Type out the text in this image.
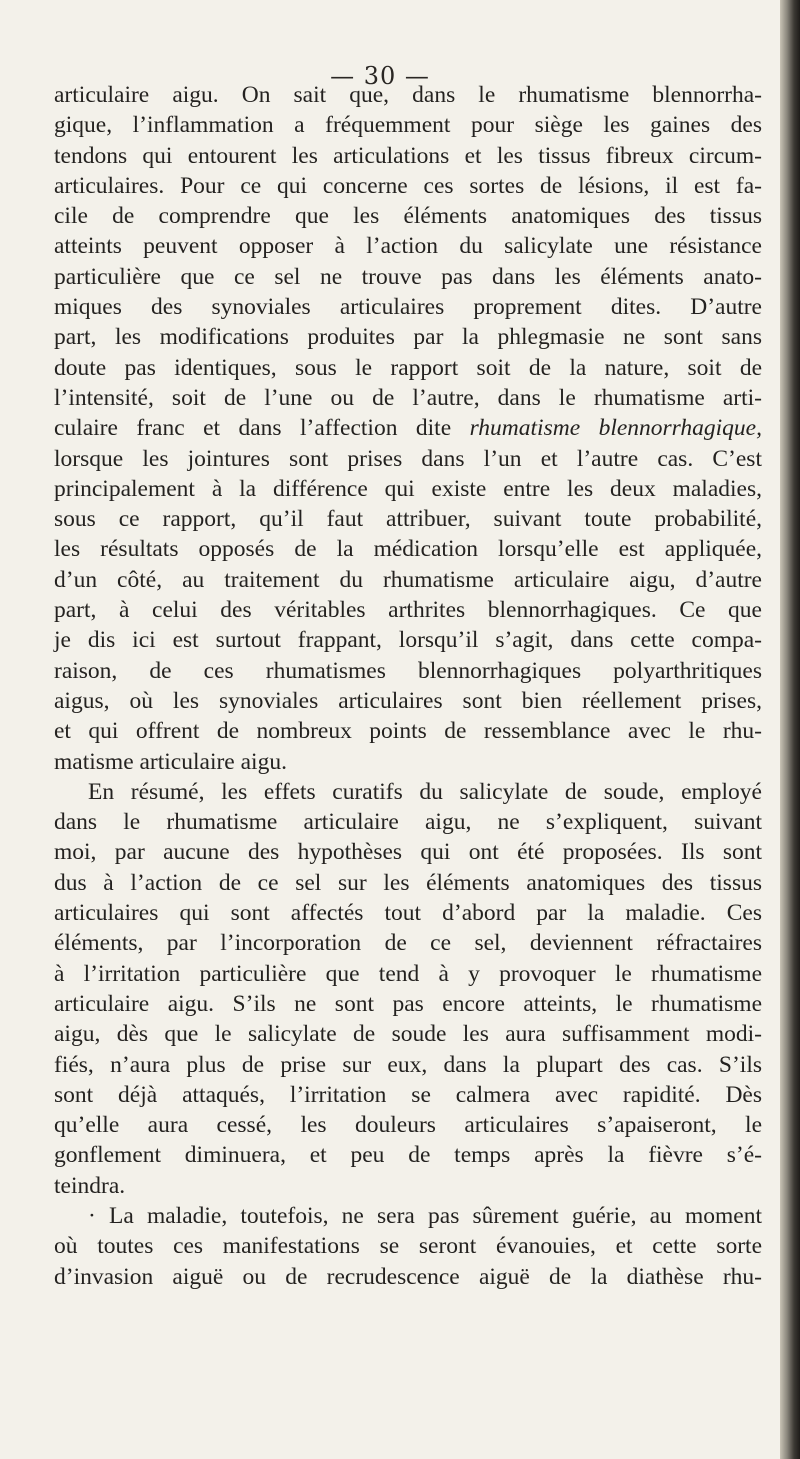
— 30 —

articulaire aigu. On sait que, dans le rhumatisme blennorrha-

gique, l’inflammation a fréquemment pour siège les gaines des

tendons qui entourent les articulations et les tissus fibreux circum-

articulaires. Pour ce qui concerne ces sortes de lésions, il est fa-

cile de comprendre que les éléments anatomiques des tissus

atteints peuvent opposer à l’action du salicylate une résistance

particulière que ce sel ne trouve pas dans les éléments anato-

miques des synoviales articulaires proprement dites. D’autre

part, les modifications produites par la phlegmasie ne sont sans

doute pas identiques, sous le rapport soit de la nature, soit de

l’intensité, soit de l’une ou de l’autre, dans le rhumatisme arti-

culaire franc et dans l’affection dite rhumatisme blennorrhagique,

lorsque les jointures sont prises dans l’un et l’autre cas. C’est

principalement à la différence qui existe entre les deux maladies,

sous ce rapport, qu’il faut attribuer, suivant toute probabilité,

les résultats opposés de la médication lorsqu’elle est appliquée,

d’un côté, au traitement du rhumatisme articulaire aigu, d’autre

part, à celui des véritables arthrites blennorrhagiques. Ce que

je dis ici est surtout frappant, lorsqu’il s’agit, dans cette compa-

raison, de ces rhumatismes blennorrhagiques polyarthritiques

aigus, où les synoviales articulaires sont bien réellement prises,

et qui offrent de nombreux points de ressemblance avec le rhu-

matisme articulaire aigu.

En résumé, les effets curatifs du salicylate de soude, employé

dans le rhumatisme articulaire aigu, ne s’expliquent, suivant

moi, par aucune des hypothèses qui ont été proposées. Ils sont

dus à l’action de ce sel sur les éléments anatomiques des tissus

articulaires qui sont affectés tout d’abord par la maladie. Ces

éléments, par l’incorporation de ce sel, deviennent réfractaires

à l’irritation particulière que tend à y provoquer le rhumatisme

articulaire aigu. S’ils ne sont pas encore atteints, le rhumatisme

aigu, dès que le salicylate de soude les aura suffisamment modi-

fiés, n’aura plus de prise sur eux, dans la plupart des cas. S’ils

sont déjà attaqués, l’irritation se calmera avec rapidité. Dès

qu’elle aura cessé, les douleurs articulaires s’apaiseront, le

gonflement diminuera, et peu de temps après la fièvre s’é-

teindra.

· La maladie, toutefois, ne sera pas sûrement guérie, au moment

où toutes ces manifestations se seront évanouies, et cette sorte

d’invasion aiguë ou de recrudescence aiguë de la diathèse rhu-
